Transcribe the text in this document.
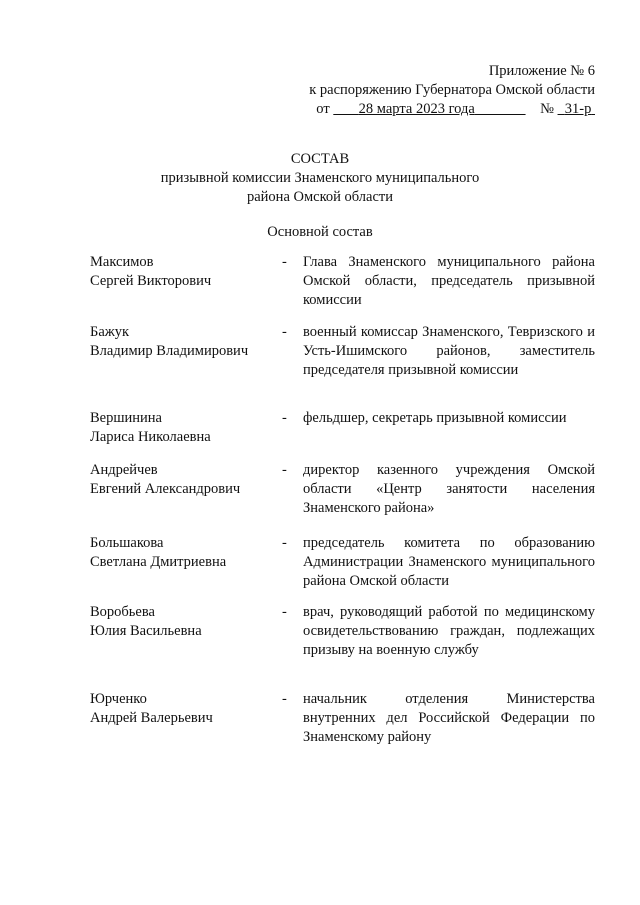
Приложение № 6
к распоряжению Губернатора Омской области
от 28 марта 2023 года	№ 31-р
СОСТАВ
призывной комиссии Знаменского муниципального
района Омской области
Основной состав
Максимов
Сергей Викторович
- Глава Знаменского муниципального района Омской области, председатель призывной комиссии
Бажук
Владимир Владимирович
- военный комиссар Знаменского, Тевризского и Усть-Ишимского районов, заместитель председателя призывной комиссии
Вершинина
Лариса Николаевна
- фельдшер, секретарь призывной комиссии
Андрейчев
Евгений Александрович
- директор казенного учреждения Омской области «Центр занятости населения Знаменского района»
Большакова
Светлана Дмитриевна
- председатель комитета по образованию Администрации Знаменского муниципального района Омской области
Воробьева
Юлия Васильевна
- врач, руководящий работой по медицинскому освидетельствованию граждан, подлежащих призыву на военную службу
Юрченко
Андрей Валерьевич
- начальник отделения Министерства внутренних дел Российской Федерации по Знаменскому району
